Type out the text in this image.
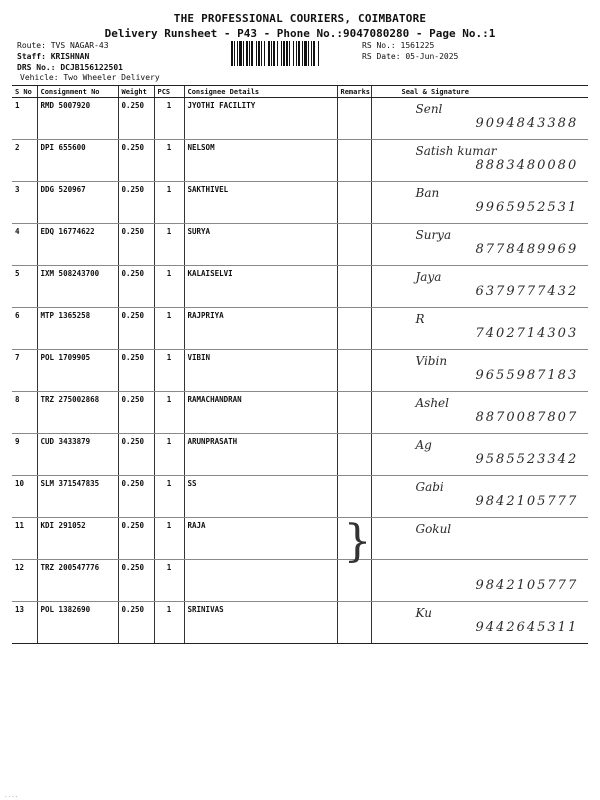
THE PROFESSIONAL COURIERS, COIMBATORE
Delivery Runsheet - P43 - Phone No.:9047080280 - Page No.:1
Route: TVS NAGAR-43
Staff: KRISHNAN
DRS No.: DCJB156122501
Vehicle: Two Wheeler Delivery
RS No.: 1561225
RS Date: 05-Jun-2025
S No	Consignment No	Weight	PCS	Consignee Details	Remarks	Seal & Signature
1	RMD 5007920	0.250	1	JYOTHI FACILITY		Senl
9094843388

2	DPI 655600	0.250	1	NELSOM		Satish kumar
8883480080

3	DDG 520967	0.250	1	SAKTHIVEL		Ban
9965952531

4	EDQ 16774622	0.250	1	SURYA		Surya
8778489969

5	IXM 508243700	0.250	1	KALAISELVI		Jaya
6379777432

6	MTP 1365258	0.250	1	RAJPRIYA		R
7402714303

7	POL 1709905	0.250	1	VIBIN		Vibin
9655987183

8	TRZ 275002868	0.250	1	RAMACHANDRAN		Ashel
8870087807

9	CUD 3433879	0.250	1	ARUNPRASATH		Ag
9585523342

10	SLM 371547835	0.250	1	SS		Gabi
9842105777

11	KDI 291052	0.250	1	RAJA	}	Gokul

12	TRZ 200547776	0.250	1			9842105777

13	POL 1382690	0.250	1	SRINIVAS		Ku
9442645311
....
